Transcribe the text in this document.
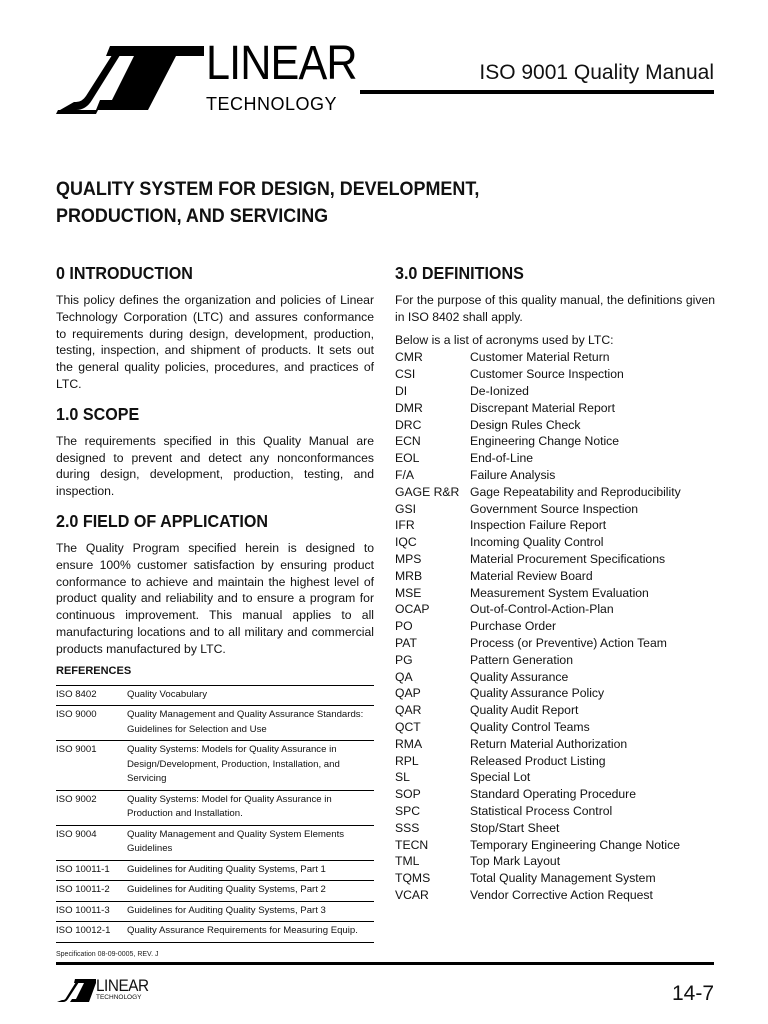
LINEAR
TECHNOLOGY
ISO 9001 Quality Manual
QUALITY SYSTEM FOR DESIGN, DEVELOPMENT,
PRODUCTION, AND SERVICING
0 INTRODUCTION

This policy defines the organization and policies of Linear Technology Corporation (LTC) and assures conformance to requirements during design, development, production, testing, inspection, and shipment of products. It sets out the general quality policies, procedures, and practices of LTC.

1.0 SCOPE

The requirements specified in this Quality Manual are designed to prevent and detect any nonconformances during design, development, production, testing, and inspection.

2.0 FIELD OF APPLICATION

The Quality Program specified herein is designed to ensure 100% customer satisfaction by ensuring product conformance to achieve and maintain the highest level of product quality and reliability and to ensure a program for continuous improvement. This manual applies to all manufacturing locations and to all military and commercial products manufactured by LTC.

REFERENCES
ISO 8402	Quality Vocabulary
ISO 9000	Quality Management and Quality Assurance Standards: Guidelines for Selection and Use
ISO 9001	Quality Systems: Models for Quality Assurance in Design/Development, Production, Installation, and Servicing
ISO 9002	Quality Systems: Model for Quality Assurance in Production and Installation.
ISO 9004	Quality Management and Quality System Elements Guidelines
ISO 10011-1	Guidelines for Auditing Quality Systems, Part 1
ISO 10011-2	Guidelines for Auditing Quality Systems, Part 2
ISO 10011-3	Guidelines for Auditing Quality Systems, Part 3
ISO 10012-1	Quality Assurance Requirements for Measuring Equip.
3.0 DEFINITIONS

For the purpose of this quality manual, the definitions given in ISO 8402 shall apply.

Below is a list of acronyms used by LTC:

CMR	Customer Material Return
CSI	Customer Source Inspection
DI	De-Ionized
DMR	Discrepant Material Report
DRC	Design Rules Check
ECN	Engineering Change Notice
EOL	End-of-Line
F/A	Failure Analysis
GAGE R&R Gage Repeatability and Reproducibility
GSI	Government Source Inspection
IFR	Inspection Failure Report
IQC	Incoming Quality Control
MPS	Material Procurement Specifications
MRB	Material Review Board
MSE	Measurement System Evaluation
OCAP	Out-of-Control-Action-Plan
PO	Purchase Order
PAT	Process (or Preventive) Action Team
PG	Pattern Generation
QA	Quality Assurance
QAP	Quality Assurance Policy
QAR	Quality Audit Report
QCT	Quality Control Teams
RMA	Return Material Authorization
RPL	Released Product Listing
SL	Special Lot
SOP	Standard Operating Procedure
SPC	Statistical Process Control
SSS	Stop/Start Sheet
TECN	Temporary Engineering Change Notice
TML	Top Mark Layout
TQMS	Total Quality Management System
VCAR	Vendor Corrective Action Request
Specification 08-09-0005, REV. J
LINEAR
TECHNOLOGY	14-7
